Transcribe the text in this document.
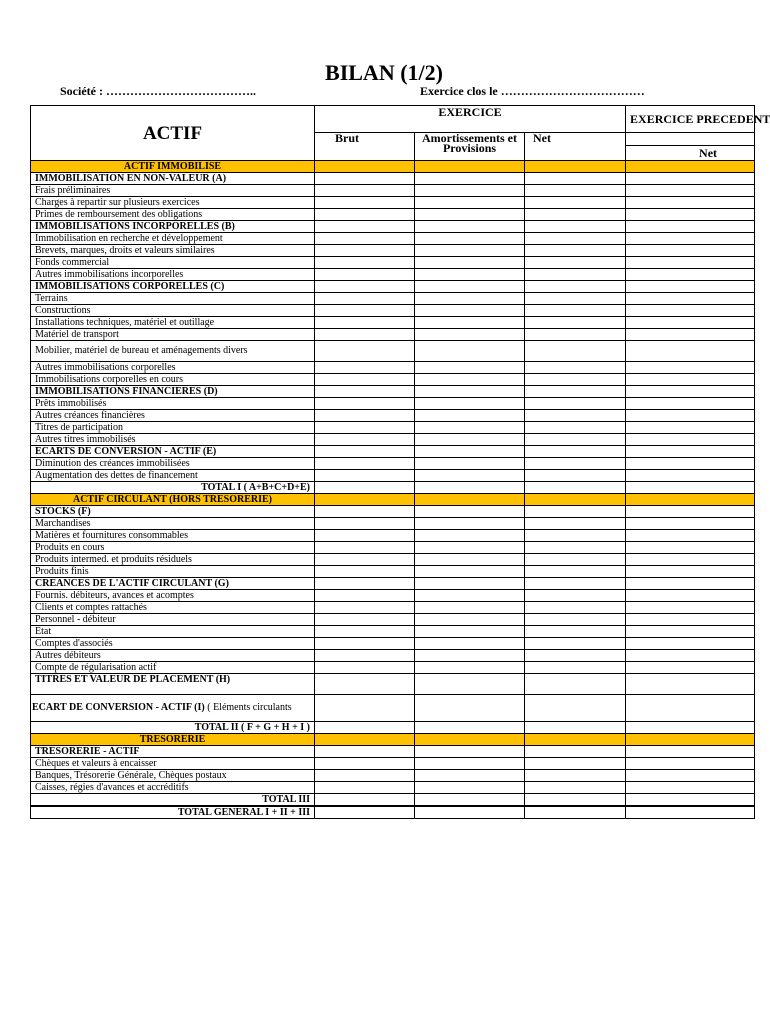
BILAN (1/2)
Société : ………………………………..	Exercice clos le ………………………………
ACTIF	EXERCICE			EXERCICE PRECEDENT
	Brut	Amortissements et Provisions	Net	
				Net
ACTIF IMMOBILISE				
IMMOBILISATION EN NON-VALEUR (A)				
Frais préliminaires				
Charges à repartir sur plusieurs exercices				
Primes de remboursement des obligations				
IMMOBILISATIONS INCORPORELLES (B)				
Immobilisation en recherche et développement				
Brevets, marques, droits et valeurs similaires				
Fonds commercial				
Autres immobilisations incorporelles				
IMMOBILISATIONS CORPORELLES (C)				
Terrains				
Constructions				
Installations techniques, matériel et outillage				
Matériel de transport				
Mobilier, matériel de bureau et aménagements divers				
Autres immobilisations corporelles				
Immobilisations corporelles en cours				
IMMOBILISATIONS FINANCIERES (D)				
Prêts immobilisés				
Autres créances financières				
Titres de participation				
Autres titres immobilisés				
ECARTS DE CONVERSION - ACTIF (E)				
Diminution des créances immobilisées				
Augmentation des dettes de financement				
TOTAL I ( A+B+C+D+E)				
ACTIF CIRCULANT (HORS TRESORERIE)				
STOCKS (F)				
Marchandises				
Matières et fournitures consommables				
Produits en cours				
Produits intermed. et produits résiduels				
Produits finis				
CREANCES DE L'ACTIF CIRCULANT (G)				
Fournis. débiteurs, avances et acomptes				
Clients et comptes rattachés				
Personnel - débiteur				
Etat				
Comptes d'associés				
Autres débiteurs				
Compte de régularisation actif				
TITRES ET VALEUR DE PLACEMENT (H)				
ECART DE CONVERSION - ACTIF (I) ( Eléments circulants				
TOTAL II ( F + G + H + I )				
TRESORERIE				
TRESORERIE - ACTIF				
Chèques et valeurs à encaisser				
Banques, Trésorerie Générale, Chèques postaux				
Caisses, régies d'avances et accréditifs				
TOTAL III				
TOTAL GENERAL I + II + III				
